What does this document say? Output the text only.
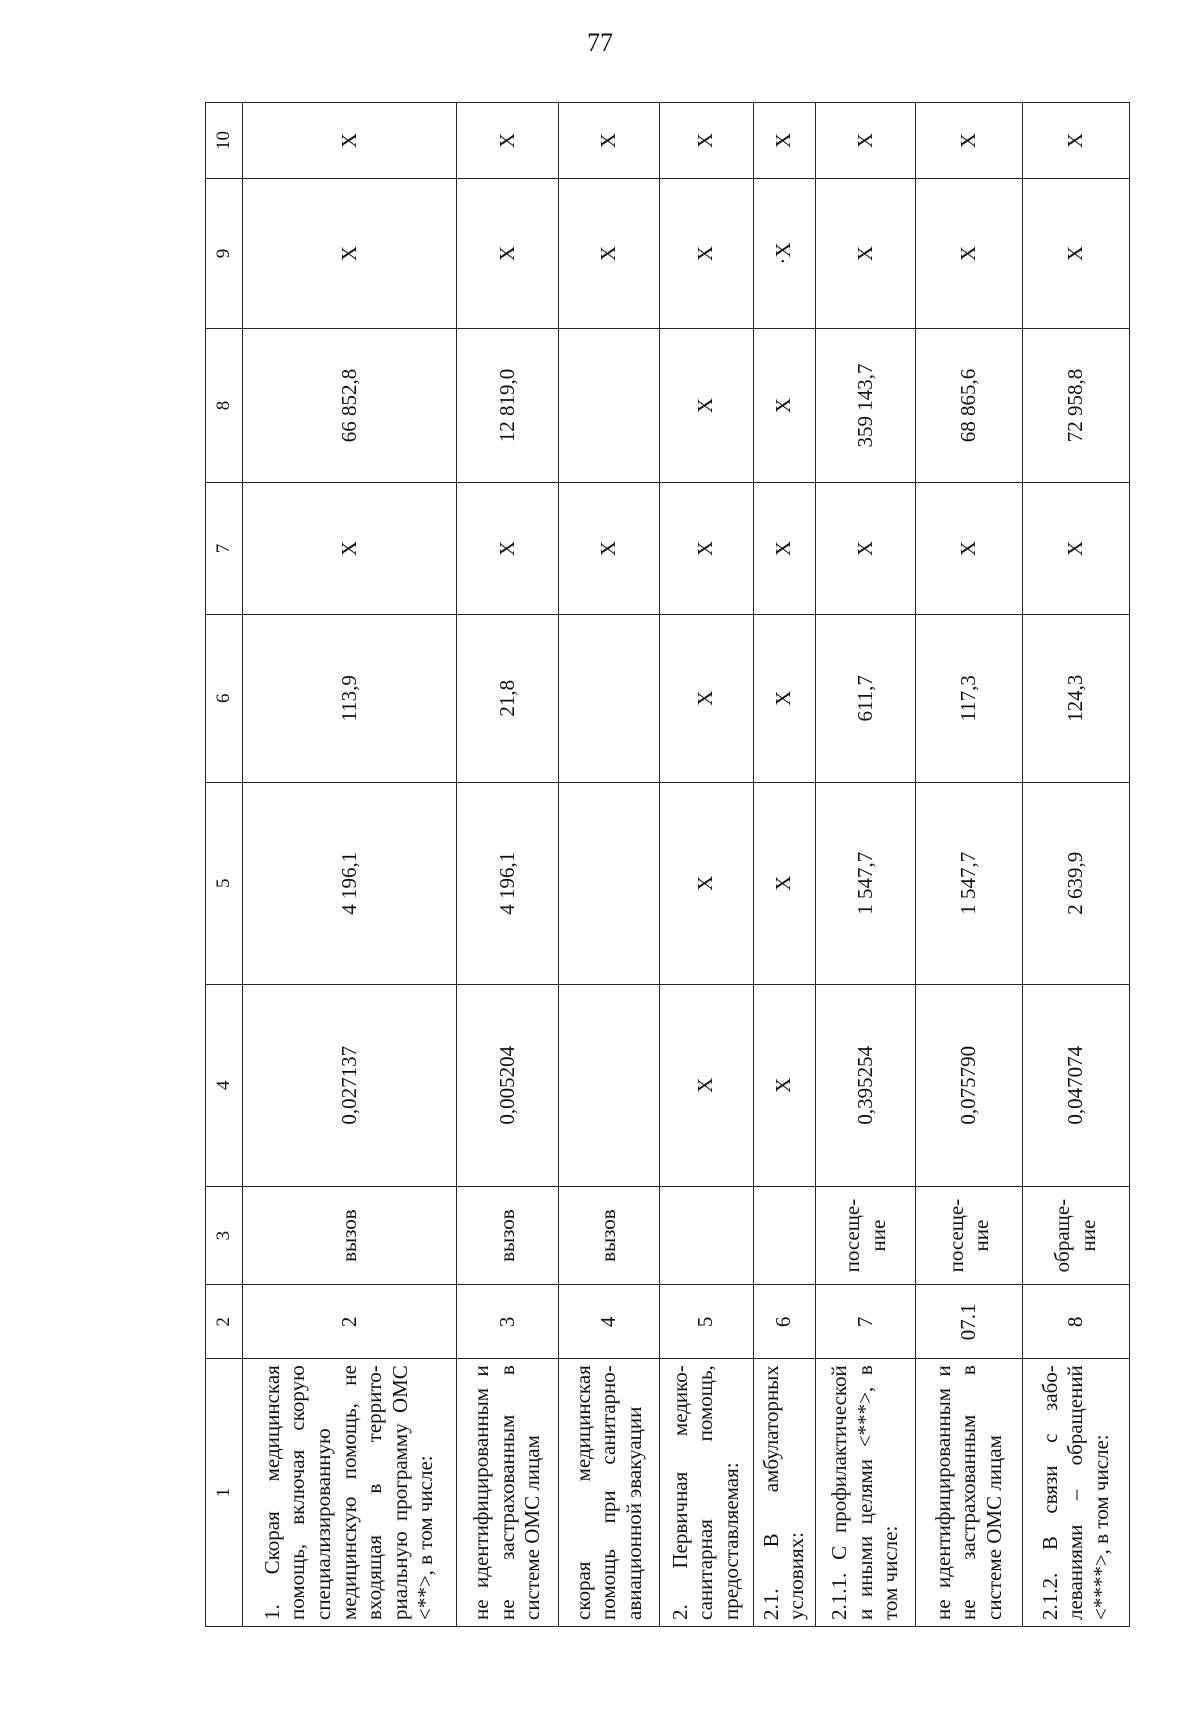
77
1	2	3	4	5	6	7	8	9	10
1. Скорая медицинская помощь, включая скорую специализированную медицинскую помощь, не входящая в террито-риальную программу ОМС <**>, в том числе:	2	вызов	0,027137	4 196,1	113,9	X	66 852,8	X	X
не идентифицированным и не застрахованным в системе ОМС лицам	3	вызов	0,005204	4 196,1	21,8	X	12 819,0	X	X
скорая медицинская помощь при санитарно-авиационной эвакуации	4	вызов				X		X	X
2. Первичная медико-санитарная помощь, предоставляемая:	5		X	X	X	X	X	X	X
2.1. В амбулаторных условиях:	6		X	X	X	X	X	·X	X
2.1.1. С профилактической и иными целями <***>, в том числе:	7	посеще-ние	0,395254	1 547,7	611,7	X	359 143,7	X	X
не идентифицированным и не застрахованным в системе ОМС лицам	07.1	посеще-ние	0,075790	1 547,7	117,3	X	68 865,6	X	X
2.1.2. В связи с забо-леваниями – обращений <****>, в том числе:	8	обраще-ние	0,047074	2 639,9	124,3	X	72 958,8	X	X
